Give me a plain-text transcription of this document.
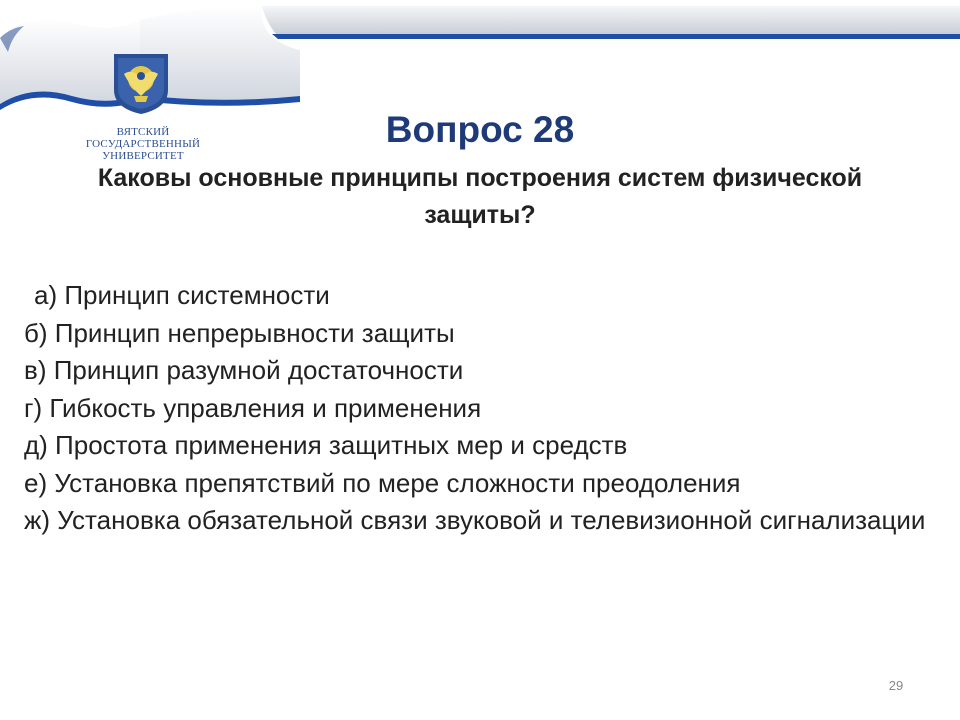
ВЯТСКИЙ
ГОСУДАРСТВЕННЫЙ
УНИВЕРСИТЕТ
Вопрос 28
Каковы основные принципы построения систем физической защиты?
а) Принцип системности
б) Принцип непрерывности защиты
в) Принцип разумной достаточности
г) Гибкость управления и применения
д) Простота применения защитных мер и средств
е) Установка препятствий по мере сложности преодоления
ж) Установка обязательной связи звуковой и телевизионной сигнализации
29
